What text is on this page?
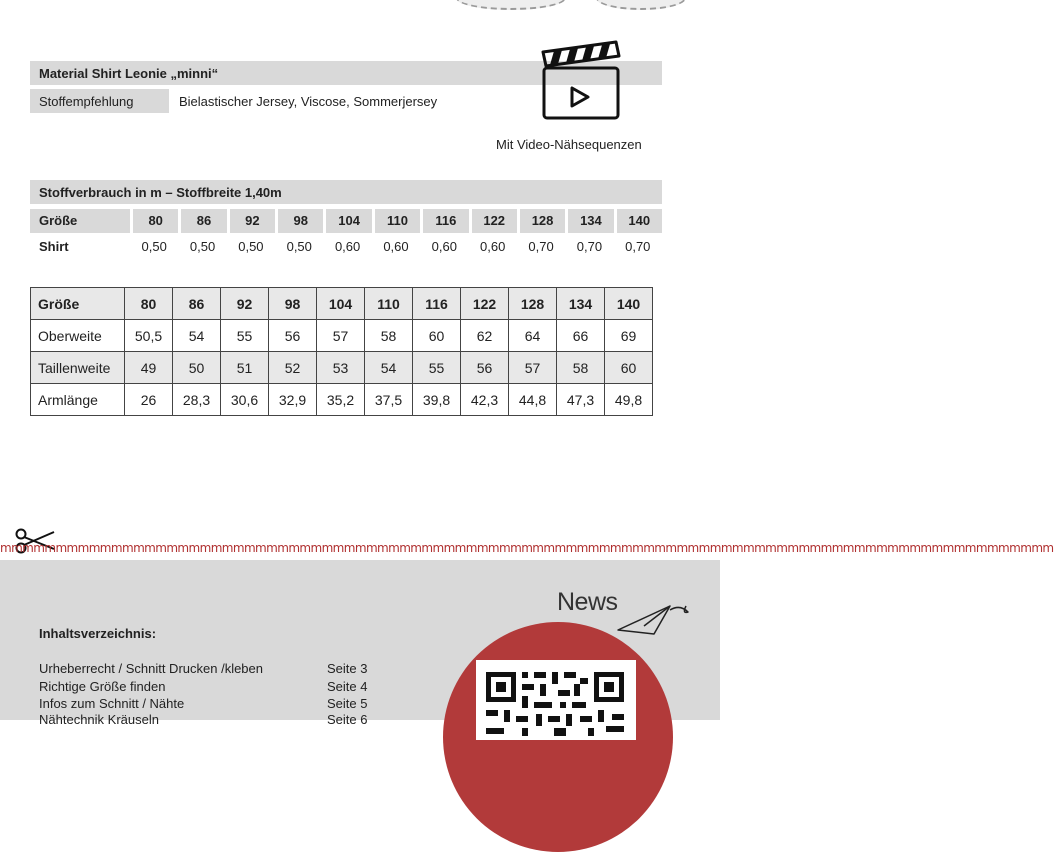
Material Shirt Leonie „minni“
Stoffempfehlung	Bielastischer Jersey, Viscose, Sommerjersey
Mit Video-Nähsequenzen
Stoffverbrauch in m – Stoffbreite 1,40m
Größe	80	86	92	98	104	110	116	122	128	134	140
Shirt	0,50	0,50	0,50	0,50	0,60	0,60	0,60	0,60	0,70	0,70	0,70
Größe	80	86	92	98	104	110	116	122	128	134	140
Oberweite	50,5	54	55	56	57	58	60	62	64	66	69
Taillenweite	49	50	51	52	53	54	55	56	57	58	60
Armlänge	26	28,3	30,6	32,9	35,2	37,5	39,8	42,3	44,8	47,3	49,8
mmmmmmmmmmmmmmmmmmmmmmmmmmmmmmmmmmmmmmmmmmmmmmmmmmmmmmmmmmmmmmmmmmmmmmmmmmmmmmmmmmmmmmmmmmmmmmm
Inhaltsverzeichnis:
Urheberrecht / Schnitt Drucken /kleben	Seite 3
Richtige Größe finden	Seite 4
Infos zum Schnitt / Nähte	Seite 5
Nähtechnik Kräuseln	Seite 6
News
